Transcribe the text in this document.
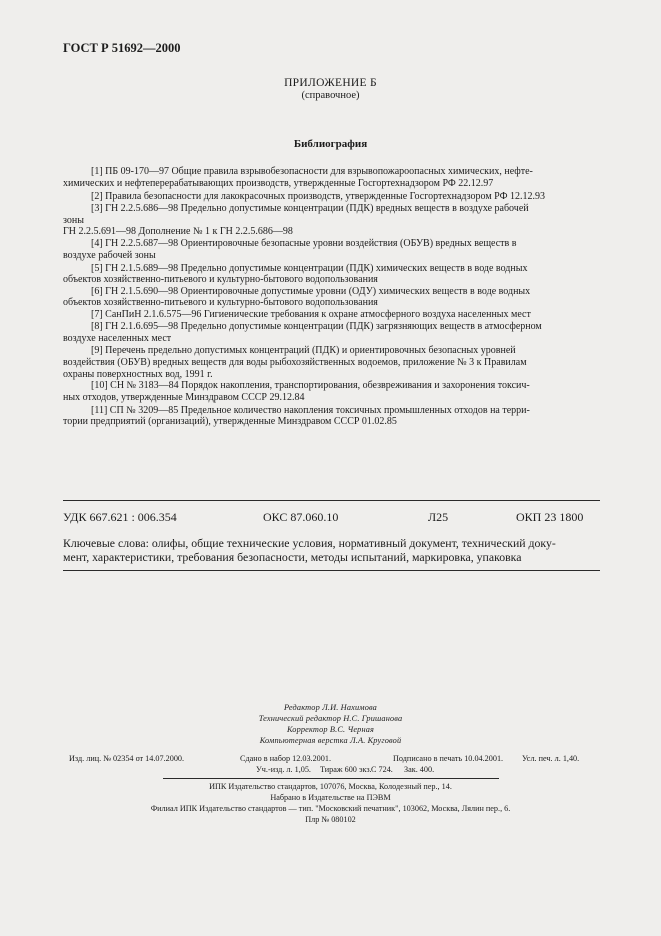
ГОСТ Р 51692—2000
ПРИЛОЖЕНИЕ Б
(справочное)
Библиография
[1] ПБ 09-170—97 Общие правила взрывобезопасности для взрывопожароопасных химических, нефте-
химических и нефтеперерабатывающих производств, утвержденные Госгортехнадзором РФ 22.12.97
[2] Правила безопасности для лакокрасочных производств, утвержденные Госгортехнадзором РФ 12.12.93
[3] ГН 2.2.5.686—98 Предельно допустимые концентрации (ПДК) вредных веществ в воздухе рабочей
зоны
ГН 2.2.5.691—98 Дополнение № 1 к ГН 2.2.5.686—98
[4] ГН 2.2.5.687—98 Ориентировочные безопасные уровни воздействия (ОБУВ) вредных веществ в
воздухе рабочей зоны
[5] ГН 2.1.5.689—98 Предельно допустимые концентрации (ПДК) химических веществ в воде водных
объектов хозяйственно-питьевого и культурно-бытового водопользования
[6] ГН 2.1.5.690—98 Ориентировочные допустимые уровни (ОДУ) химических веществ в воде водных
объектов хозяйственно-питьевого и культурно-бытового водопользования
[7] СанПиН 2.1.6.575—96 Гигиенические требования к охране атмосферного воздуха населенных мест
[8] ГН 2.1.6.695—98 Предельно допустимые концентрации (ПДК) загрязняющих веществ в атмосферном
воздухе населенных мест
[9] Перечень предельно допустимых концентраций (ПДК) и ориентировочных безопасных уровней
воздействия (ОБУВ) вредных веществ для воды рыбохозяйственных водоемов, приложение № 3 к Правилам
охраны поверхностных вод, 1991 г.
[10] СН № 3183—84 Порядок накопления, транспортирования, обезвреживания и захоронения токсич-
ных отходов, утвержденные Минздравом СССР 29.12.84
[11] СП № 3209—85 Предельное количество накопления токсичных промышленных отходов на терри-
тории предприятий (организаций), утвержденные Минздравом СССР 01.02.85
УДК 667.621 : 006.354	ОКС 87.060.10	Л25	ОКП 23 1800
Ключевые слова: олифы, общие технические условия, нормативный документ, технический доку-
мент, характеристики, требования безопасности, методы испытаний, маркировка, упаковка
Редактор Л.И. Нахимова
Технический редактор Н.С. Гришанова
Корректор В.С. Черная
Компьютерная верстка Л.А. Круговой
Изд. лиц. № 02354 от 14.07.2000.	Сдано в набор 12.03.2001.	Подписано в печать 10.04.2001. Усл. печ. л. 1,40.
Уч.-изд. л. 1,05. Тираж 600 экз. С 724. Зак. 400.
ИПК Издательство стандартов, 107076, Москва, Колодезный пер., 14.
Набрано в Издательстве на ПЭВМ
Филиал ИПК Издательство стандартов — тип. "Московский печатник", 103062, Москва, Лялин пер., 6.
Плр № 080102
